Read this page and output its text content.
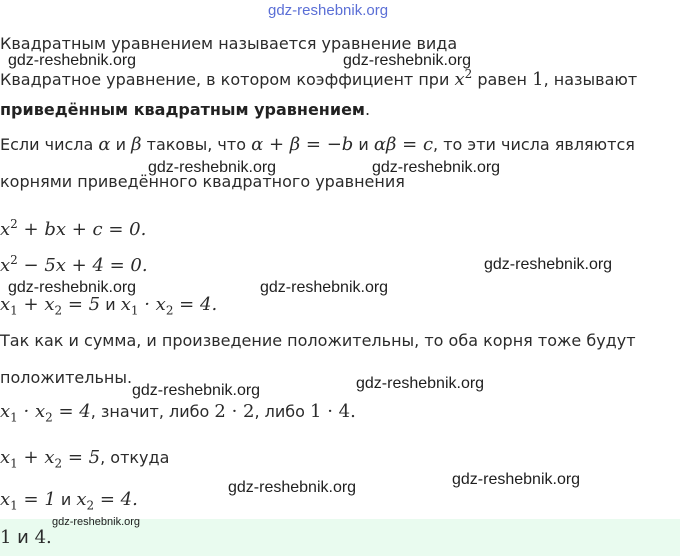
gdz-reshebnik.org
Квадратным уравнением называется уравнение вида
Квадратное уравнение, в котором коэффициент при $x^2$ равен 1, называют
приведённым квадратным уравнением.
Если числа α и β таковы, что α + β = −b и αβ = c, то эти числа являются
корнями приведённого квадратного уравнения
$x^2$ + bx + c = 0.
$x^2 - 5x + 4 = 0$.
$x_1 + x_2 = 5$ и $x_1 \cdot x_2 = 4$.
Так как и сумма, и произведение положительны, то оба корня тоже будут
положительны.
$x_1 \cdot x_2 = 4$, значит, либо 2 · 2, либо 1 · 4.
$x_1 + x_2 = 5$, откуда
$x_1 = 1$ и $x_2 = 4$.
1 и 4.
gdz-reshebnik.org	gdz-reshebnik.org
gdz-reshebnik.org	gdz-reshebnik.org
gdz-reshebnik.org
gdz-reshebnik.org	gdz-reshebnik.org
gdz-reshebnik.org	gdz-reshebnik.org
gdz-reshebnik.org
gdz-reshebnik.org
gdz-reshebnik.org
